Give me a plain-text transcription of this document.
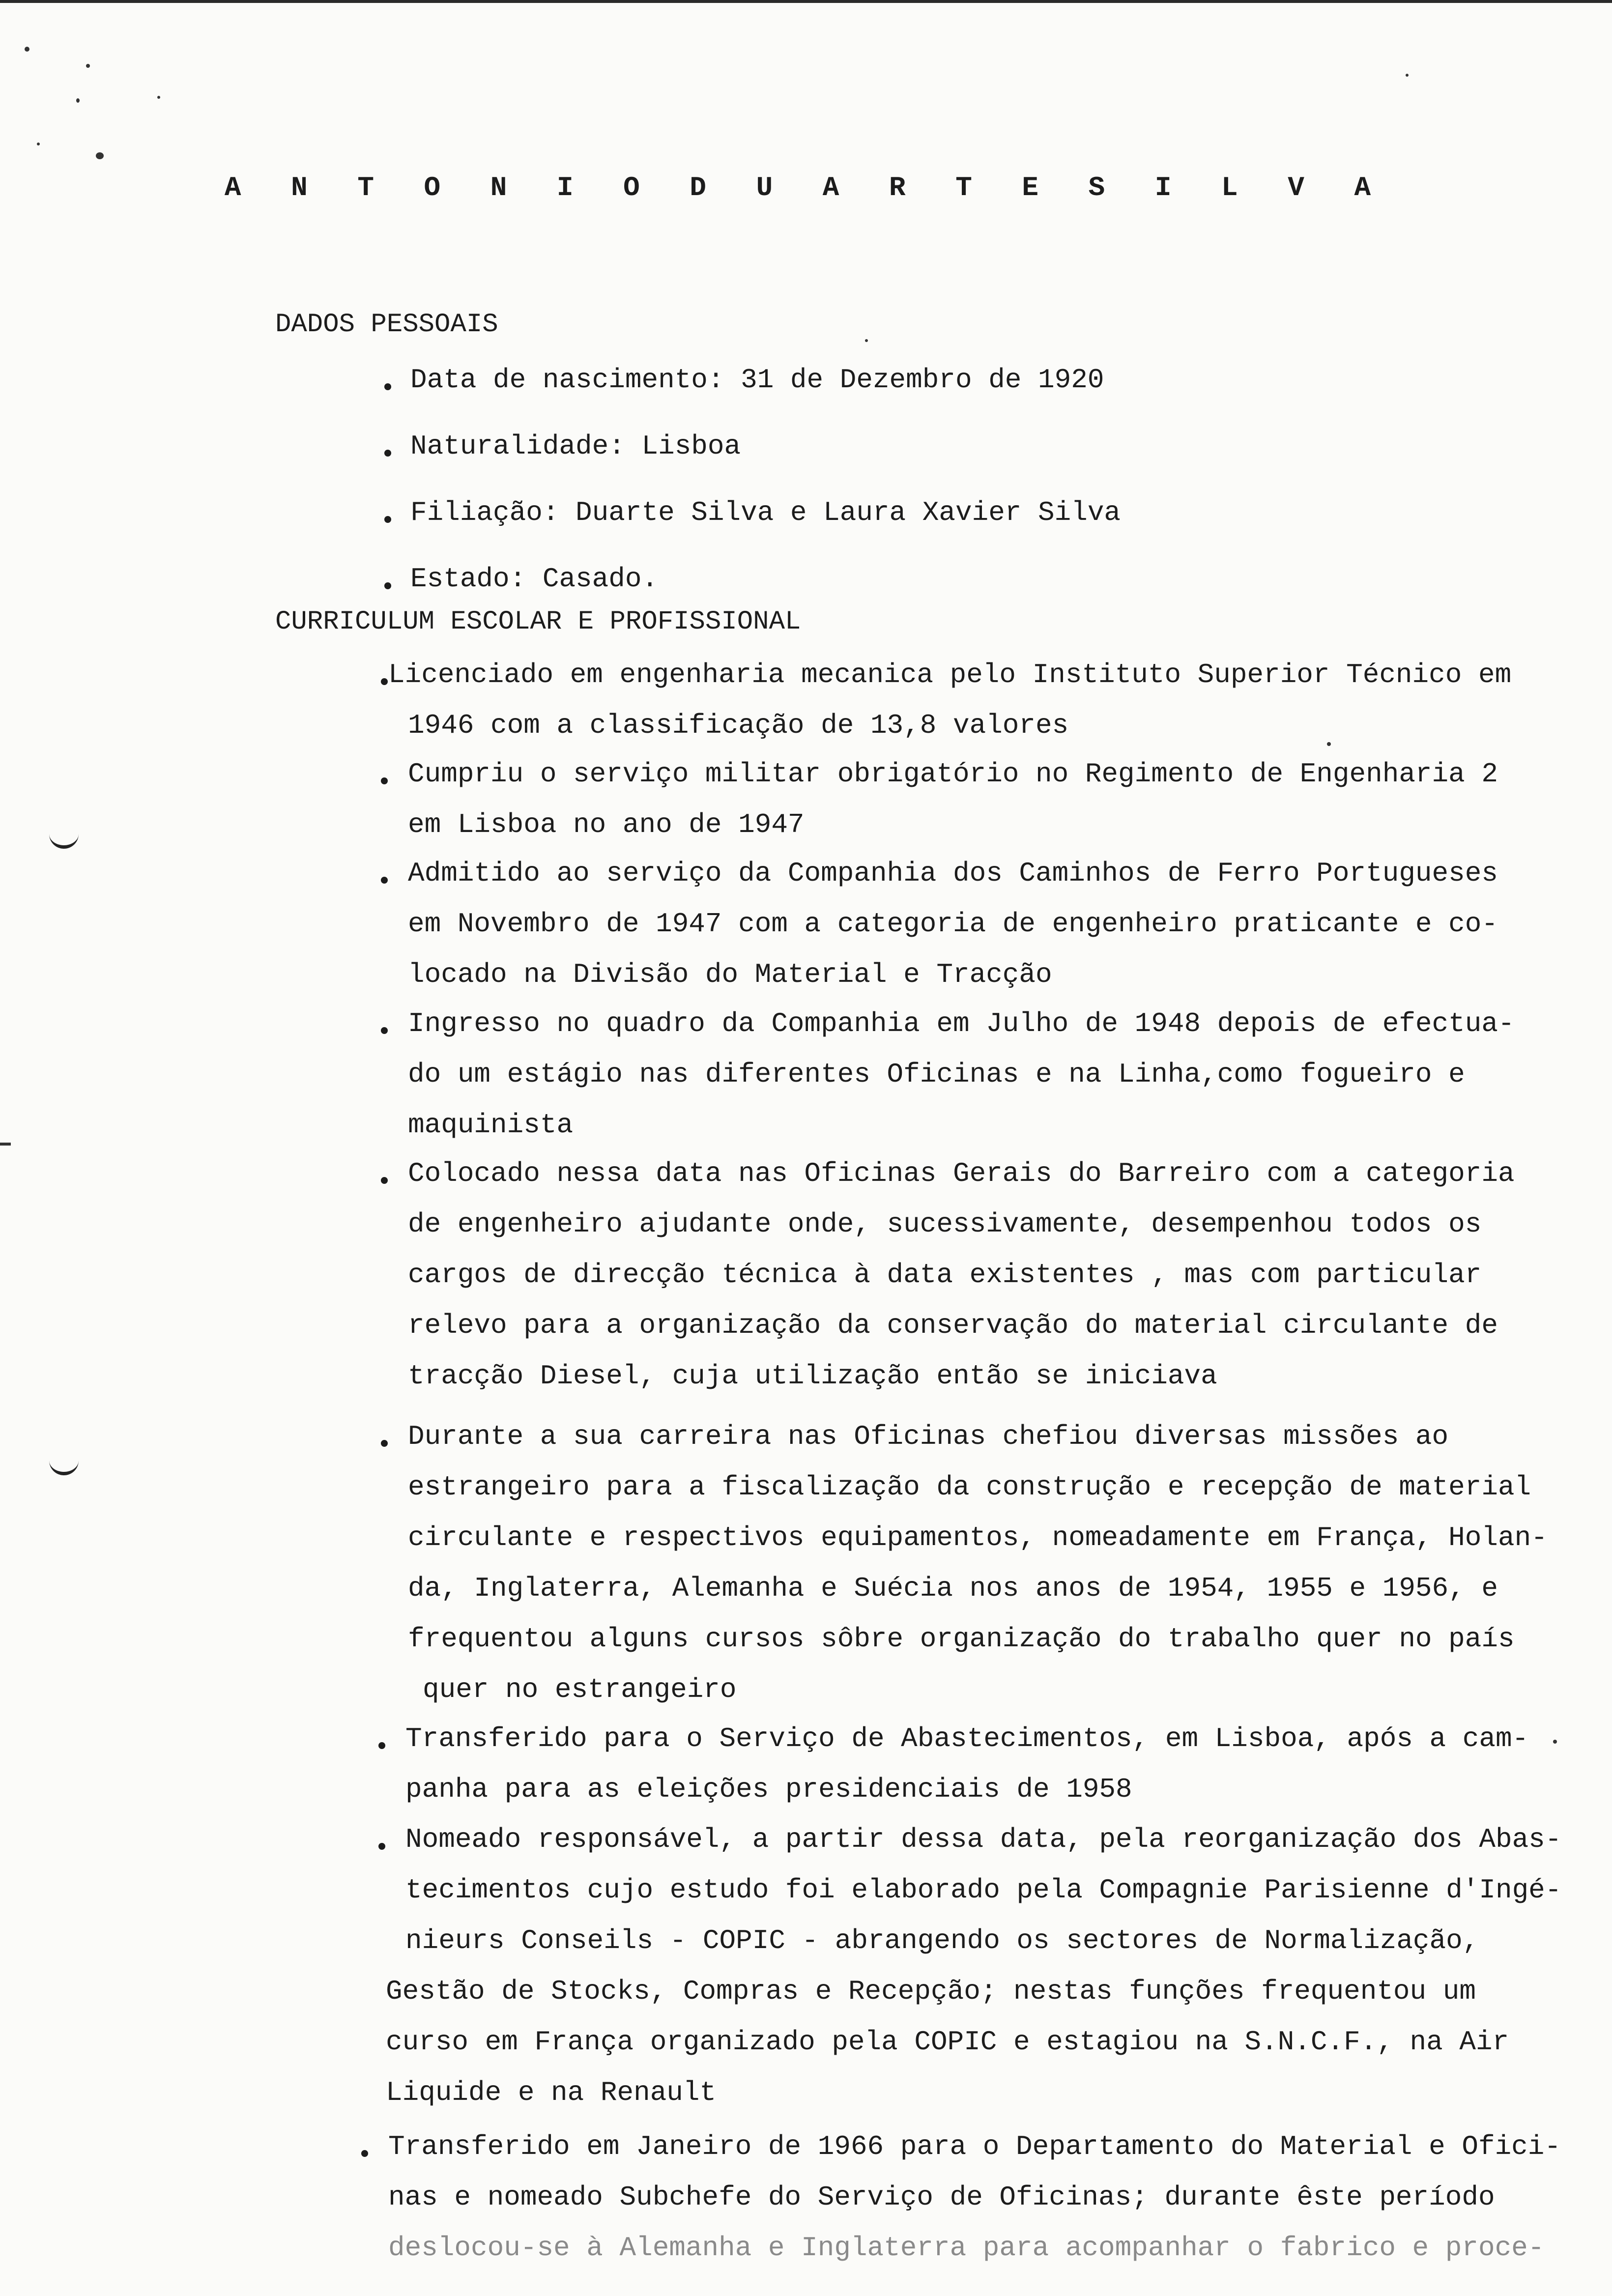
A N T O N I O D U A R T E S I L V A
DADOS PESSOAIS
Data de nascimento: 31 de Dezembro de 1920
Naturalidade: Lisboa
Filiação: Duarte Silva e Laura Xavier Silva
Estado: Casado.
CURRICULUM ESCOLAR E PROFISSIONAL
Licenciado em engenharia mecanica pelo Instituto Superior Técnico em
1946 com a classificação de 13,8 valores
Cumpriu o serviço militar obrigatório no Regimento de Engenharia 2
em Lisboa no ano de 1947
Admitido ao serviço da Companhia dos Caminhos de Ferro Portugueses
em Novembro de 1947 com a categoria de engenheiro praticante e co-
locado na Divisão do Material e Tracção
Ingresso no quadro da Companhia em Julho de 1948 depois de efectua-
do um estágio nas diferentes Oficinas e na Linha,como fogueiro e
maquinista
Colocado nessa data nas Oficinas Gerais do Barreiro com a categoria
de engenheiro ajudante onde, sucessivamente, desempenhou todos os
cargos de direcção técnica à data existentes , mas com particular
relevo para a organização da conservação do material circulante de
tracção Diesel, cuja utilização então se iniciava
Durante a sua carreira nas Oficinas chefiou diversas missões ao
estrangeiro para a fiscalização da construção e recepção de material
circulante e respectivos equipamentos, nomeadamente em França, Holan-
da, Inglaterra, Alemanha e Suécia nos anos de 1954, 1955 e 1956, e
frequentou alguns cursos sôbre organização do trabalho quer no país
quer no estrangeiro
Transferido para o Serviço de Abastecimentos, em Lisboa, após a cam-
panha para as eleições presidenciais de 1958
Nomeado responsável, a partir dessa data, pela reorganização dos Abas-
tecimentos cujo estudo foi elaborado pela Compagnie Parisienne d'Ingé-
nieurs Conseils - COPIC - abrangendo os sectores de Normalização,
Gestão de Stocks, Compras e Recepção; nestas funções frequentou um
curso em França organizado pela COPIC e estagiou na S.N.C.F., na Air
Liquide e na Renault
Transferido em Janeiro de 1966 para o Departamento do Material e Ofici-
nas e nomeado Subchefe do Serviço de Oficinas; durante êste período
deslocou-se à Alemanha e Inglaterra para acompanhar o fabrico e proce-
